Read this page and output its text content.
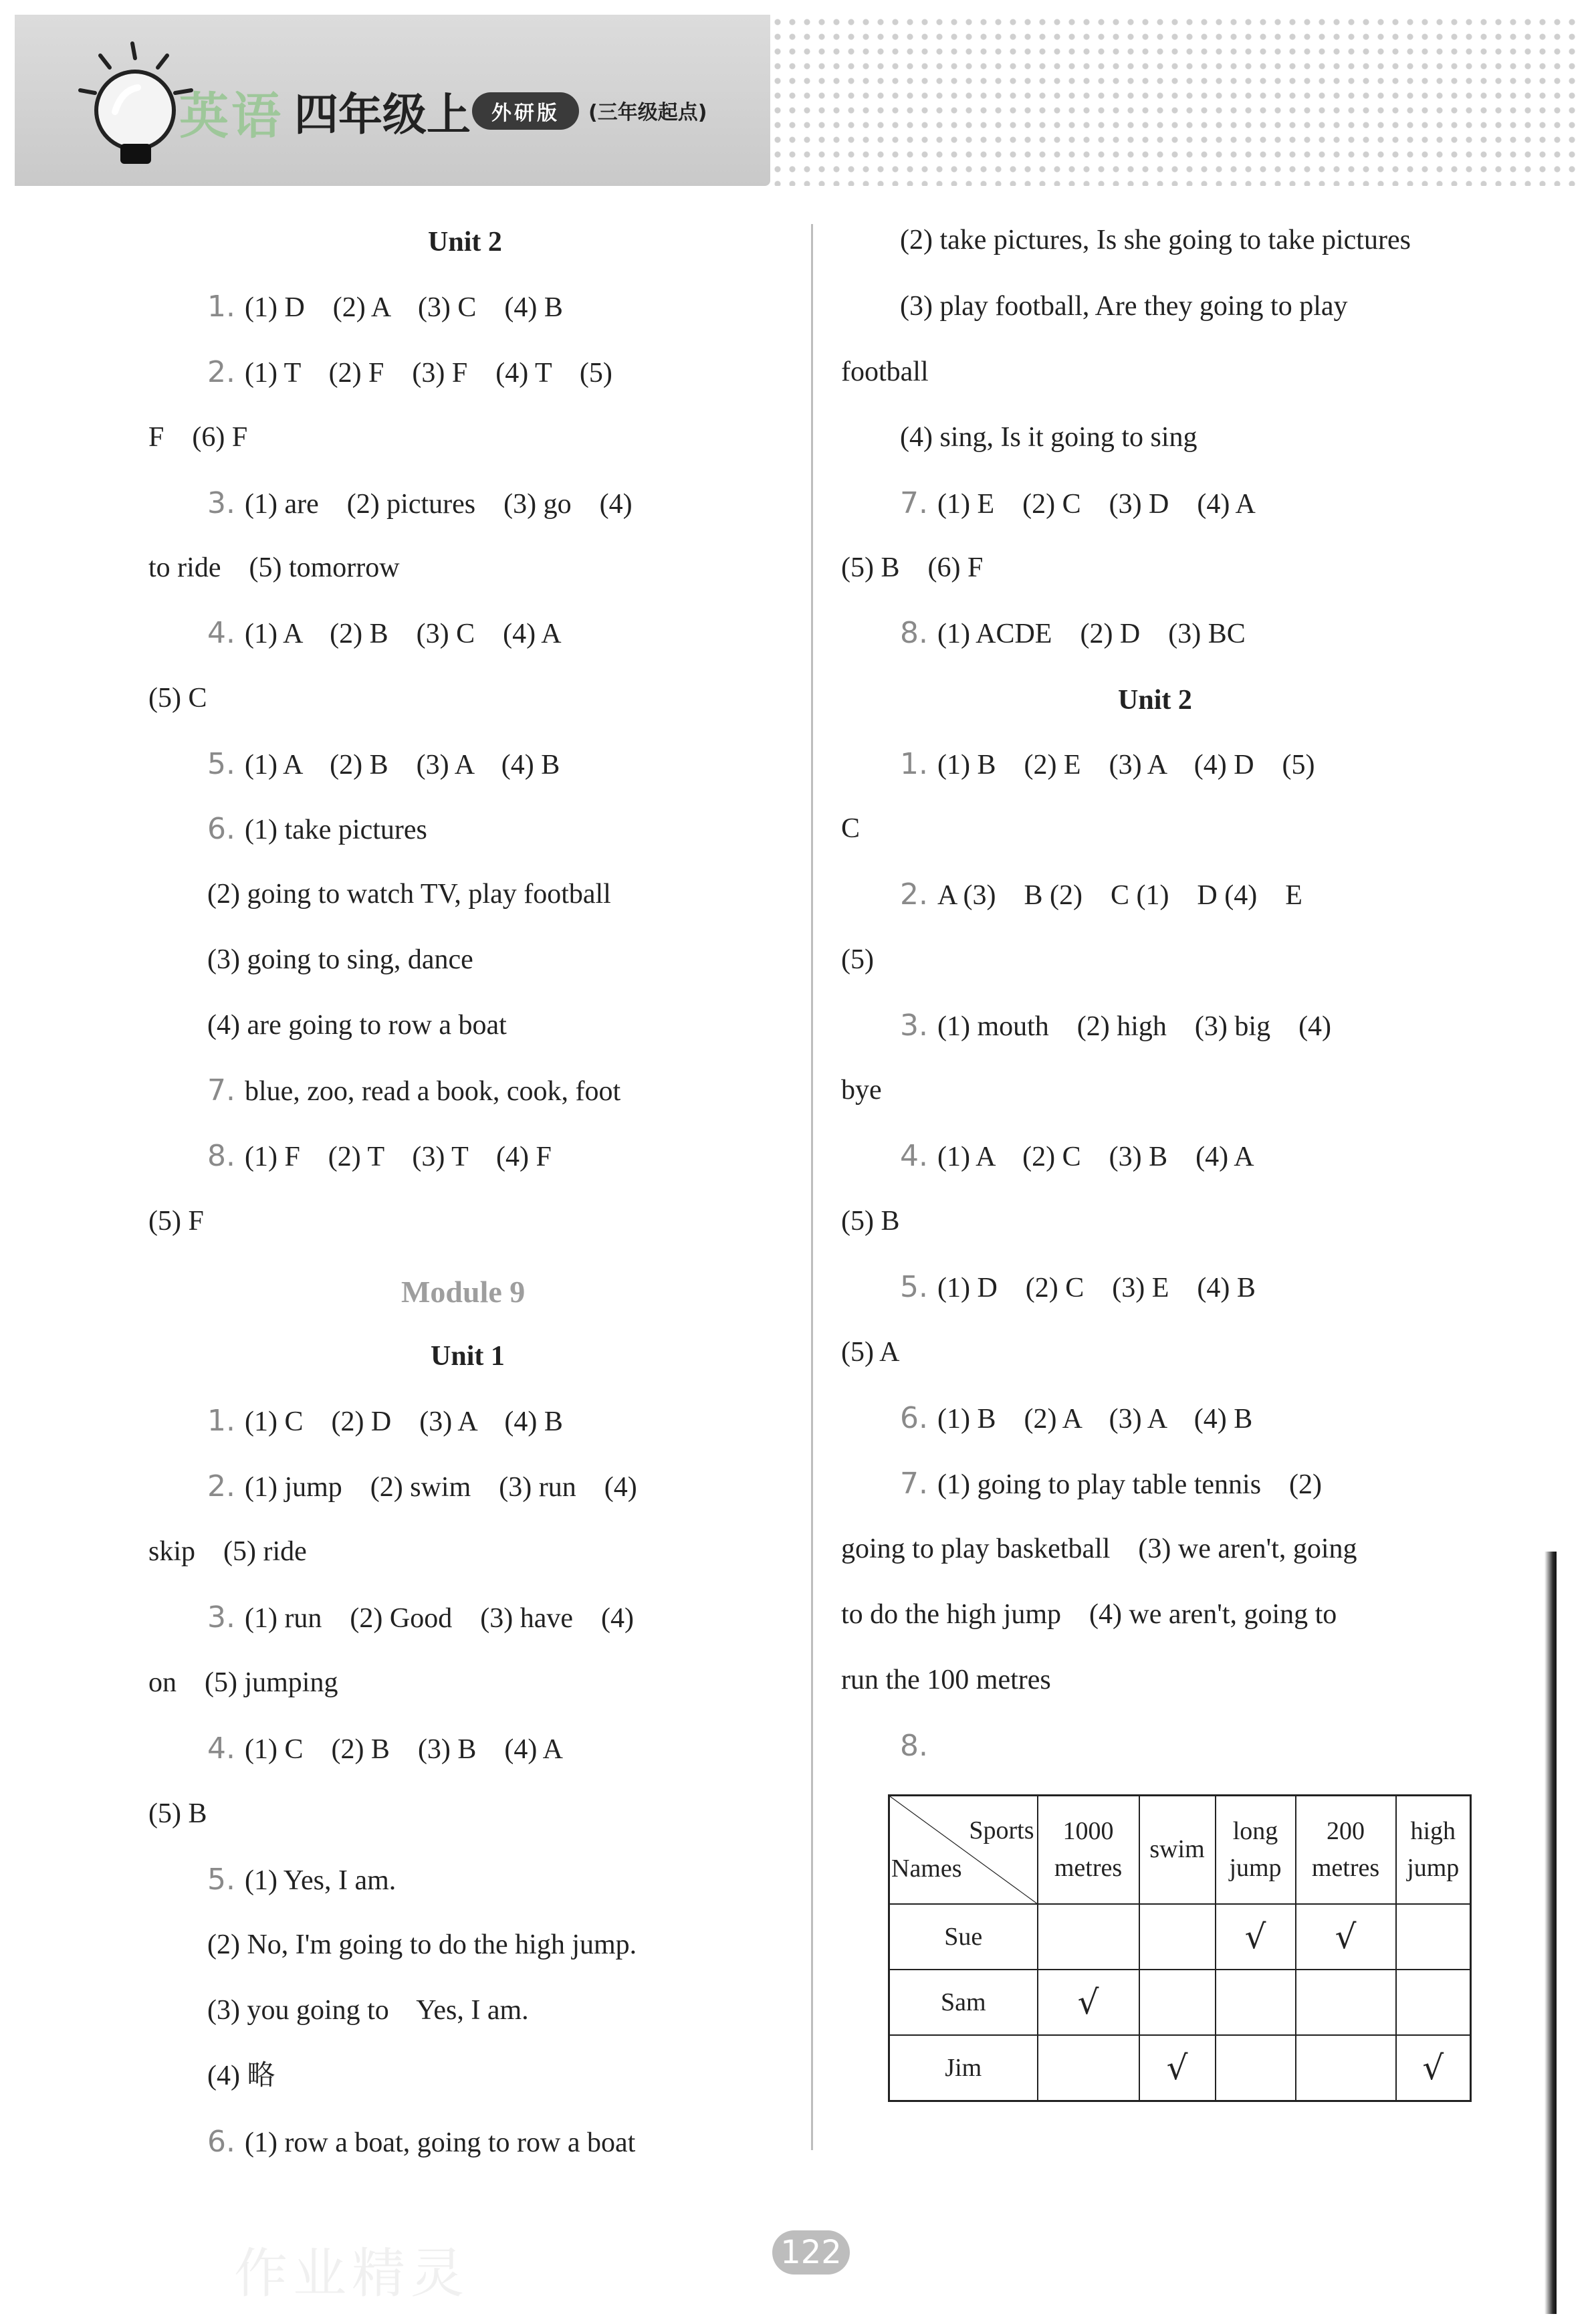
英语 四年级上	外研版	(三年级起点)
Unit 2
1. (1) D    (2) A    (3) C    (4) B
2. (1) T    (2) F    (3) F    (4) T    (5)
F    (6) F
3. (1) are    (2) pictures    (3) go    (4)
to ride    (5) tomorrow
4. (1) A    (2) B    (3) C    (4) A
(5) C
5. (1) A    (2) B    (3) A    (4) B
6. (1) take pictures
(2) going to watch TV, play football
(3) going to sing, dance
(4) are going to row a boat
7. blue, zoo, read a book, cook, foot
8. (1) F    (2) T    (3) T    (4) F
(5) F
Module 9
Unit 1
1. (1) C    (2) D    (3) A    (4) B
2. (1) jump    (2) swim    (3) run    (4)
skip    (5) ride
3. (1) run    (2) Good    (3) have    (4)
on    (5) jumping
4. (1) C    (2) B    (3) B    (4) A
(5) B
5. (1) Yes, I am.
(2) No, I'm going to do the high jump.
(3) you going to    Yes, I am.
(4) 略
6. (1) row a boat, going to row a boat
(2) take pictures, Is she going to take pictures
(3) play football, Are they going to play
football
(4) sing, Is it going to sing
7. (1) E    (2) C    (3) D    (4) A
(5) B    (6) F
8. (1) ACDE    (2) D    (3) BC
Unit 2
1. (1) B    (2) E    (3) A    (4) D    (5)
C
2. A (3)    B (2)    C (1)    D (4)    E
(5)
3. (1) mouth    (2) high    (3) big    (4)
bye
4. (1) A    (2) C    (3) B    (4) A
(5) B
5. (1) D    (2) C    (3) E    (4) B
(5) A
6. (1) B    (2) A    (3) A    (4) B
7. (1) going to play table tennis    (2)
going to play basketball    (3) we aren't, going
to do the high jump    (4) we aren't, going to
run the 100 metres
8.
Sports
Names	1000 metres	swim	long jump	200 metres	high jump
Sue			√	√	
Sam	√				
Jim		√			√
作业精灵	122
